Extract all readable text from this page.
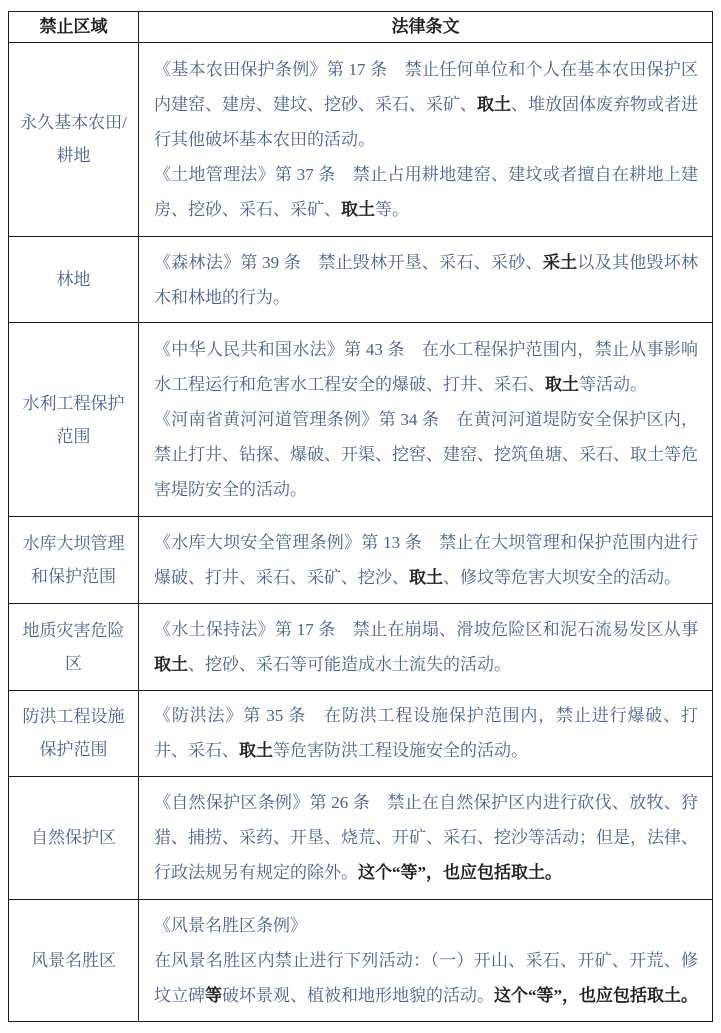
禁止区域	法律条文
永久基本农田/耕地	《基本农田保护条例》第 17 条　禁止任何单位和个人在基本农田保护区内建窑、建房、建坟、挖砂、采石、采矿、取土、堆放固体废弃物或者进行其他破坏基本农田的活动。
《土地管理法》第 37 条　禁止占用耕地建窑、建坟或者擅自在耕地上建房、挖砂、采石、采矿、取土等。

林地	《森林法》第 39 条　禁止毁林开垦、采石、采砂、采土以及其他毁坏林木和林地的行为。

水利工程保护范围	《中华人民共和国水法》第 43 条　在水工程保护范围内，禁止从事影响水工程运行和危害水工程安全的爆破、打井、采石、取土等活动。
《河南省黄河河道管理条例》第 34 条　在黄河河道堤防安全保护区内，禁止打井、钻探、爆破、开渠、挖窖、建窑、挖筑鱼塘、采石、取土等危害堤防安全的活动。

水库大坝管理和保护范围	《水库大坝安全管理条例》第 13 条　禁止在大坝管理和保护范围内进行爆破、打井、采石、采矿、挖沙、取土、修坟等危害大坝安全的活动。

地质灾害危险区	《水土保持法》第 17 条　禁止在崩塌、滑坡危险区和泥石流易发区从事取土、挖砂、采石等可能造成水土流失的活动。

防洪工程设施保护范围	《防洪法》第 35 条　在防洪工程设施保护范围内，禁止进行爆破、打井、采石、取土等危害防洪工程设施安全的活动。

自然保护区	《自然保护区条例》第 26 条　禁止在自然保护区内进行砍伐、放牧、狩猎、捕捞、采药、开垦、烧荒、开矿、采石、挖沙等活动；但是，法律、行政法规另有规定的除外。这个“等”，也应包括取土。

风景名胜区	《风景名胜区条例》
在风景名胜区内禁止进行下列活动：（一）开山、采石、开矿、开荒、修坟立碑等破坏景观、植被和地形地貌的活动。这个“等”，也应包括取土。
